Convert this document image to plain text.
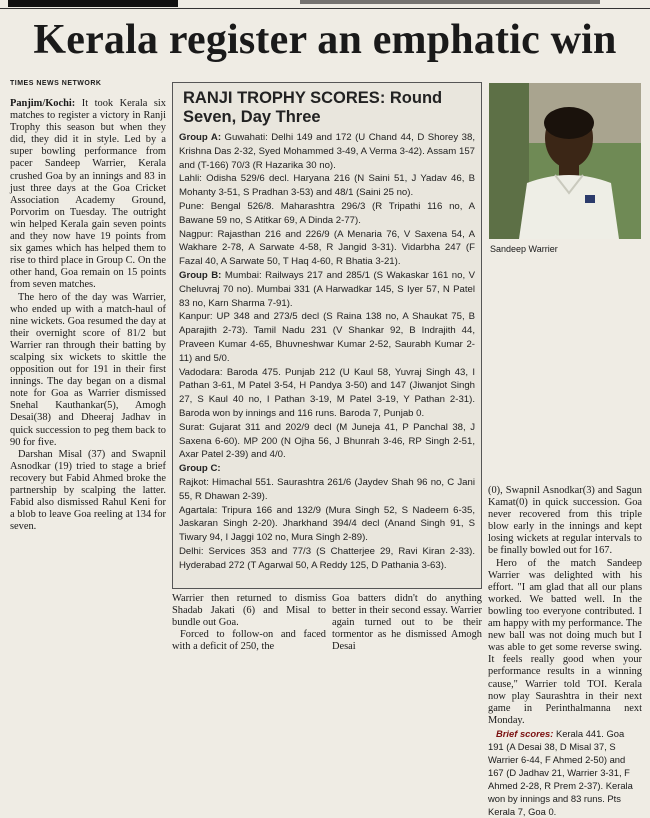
Kerala register an emphatic win
TIMES NEWS NETWORK

Panjim/Kochi: It took Kerala six matches to register a victory in Ranji Trophy this season but when they did, they did it in style. Led by a super bowling performance from pacer Sandeep Warrier, Kerala crushed Goa by an innings and 83 in just three days at the Goa Cricket Association Academy Ground, Porvorim on Tuesday. The outright win helped Kerala gain seven points and they now have 19 points from six games which has helped them to rise to third place in Group C. On the other hand, Goa remain on 15 points from seven matches.

The hero of the day was Warrier, who ended up with a match-haul of nine wickets. Goa resumed the day at their overnight score of 81/2 but Warrier ran through their batting by scalping six wickets to skittle the opposition out for 191 in their first innings. The day began on a dismal note for Goa as Warrier dismissed Snehal Kauthankar(5), Amogh Desai(38) and Dheeraj Jadhav in quick succession to peg them back to 90 for five.

Darshan Misal (37) and Swapnil Asnodkar (19) tried to stage a brief recovery but Fabid Ahmed broke the partnership by scalping the latter. Fabid also dismissed Rahul Keni for a blob to leave Goa reeling at 134 for seven.

RANJI TROPHY SCORES: Round Seven, Day Three

Group A: Guwahati: Delhi 149 and 172 (U Chand 44, D Shorey 38, Krishna Das 2-32, Syed Mohammed 3-49, A Verma 3-42). Assam 157 and (T-166) 70/3 (R Hazarika 30 no).

Lahli: Odisha 529/6 decl. Haryana 216 (N Saini 51, J Yadav 46, B Mohanty 3-51, S Pradhan 3-53) and 48/1 (Saini 25 no).

Pune: Bengal 526/8. Maharashtra 296/3 (R Tripathi 116 no, A Bawane 59 no, S Atitkar 69, A Dinda 2-77).

Nagpur: Rajasthan 216 and 226/9 (A Menaria 76, V Saxena 54, A Wakhare 2-78, A Sarwate 4-58, R Jangid 3-31). Vidarbha 247 (F Fazal 40, A Sarwate 50, T Haq 4-60, R Bhatia 3-21).

Group B: Mumbai: Railways 217 and 285/1 (S Wakaskar 161 no, V Cheluvraj 70 no). Mumbai 331 (A Harwadkar 145, S Iyer 57, N Patel 83 no, Karn Sharma 7-91).

Kanpur: UP 348 and 273/5 decl (S Raina 138 no, A Shaukat 75, B Aparajith 2-73). Tamil Nadu 231 (V Shankar 92, B Indrajith 44, Praveen Kumar 4-65, Bhuvneshwar Kumar 2-52, Saurabh Kumar 2-11) and 5/0.

Vadodara: Baroda 475. Punjab 212 (U Kaul 58, Yuvraj Singh 43, I Pathan 3-61, M Patel 3-54, H Pandya 3-50) and 147 (Jiwanjot Singh 27, S Kaul 40 no, I Pathan 3-19, M Patel 3-19, Y Pathan 2-31). Baroda won by innings and 116 runs. Baroda 7, Punjab 0.

Surat: Gujarat 311 and 202/9 decl (M Juneja 41, P Panchal 38, J Saxena 6-60). MP 200 (N Ojha 56, J Bhunrah 3-46, RP Singh 2-51, Axar Patel 2-39) and 4/0.

Group C:

Rajkot: Himachal 551. Saurashtra 261/6 (Jaydev Shah 96 no, C Jani 55, R Dhawan 2-39).

Agartala: Tripura 166 and 132/9 (Mura Singh 52, S Nadeem 6-35, Jaskaran Singh 2-20). Jharkhand 394/4 decl (Anand Singh 91, S Tiwary 94, I Jaggi 102 no, Mura Singh 2-89).

Delhi: Services 353 and 77/3 (S Chatterjee 29, Ravi Kiran 2-33). Hyderabad 272 (T Agarwal 50, A Reddy 125, D Pathania 3-63).

Sandeep Warrier

Warrier then returned to dismiss Shadab Jakati (6) and Misal to bundle out Goa.

Forced to follow-on and faced with a deficit of 250, the

Goa batters didn't do anything better in their second essay. Warrier again turned out to be their tormentor as he dismissed Amogh Desai

(0), Swapnil Asnodkar(3) and Sagun Kamat(0) in quick succession. Goa never recovered from this triple blow early in the innings and kept losing wickets at regular intervals to be finally bowled out for 167.

Hero of the match Sandeep Warrier was delighted with his effort. "I am glad that all our plans worked. We batted well. In the bowling too everyone contributed. I am happy with my performance. The new ball was not doing much but I was able to get some reverse swing. It feels really good when your performance results in a winning cause," Warrier told TOI. Kerala now play Saurashtra in their next game in Perinthalmanna next Monday.

Brief scores: Kerala 441. Goa 191 (A Desai 38, D Misal 37, S Warrier 6-44, F Ahmed 2-50) and 167 (D Jadhav 21, Warrier 3-31, F Ahmed 2-28, R Prem 2-37). Kerala won by innings and 83 runs. Pts Kerala 7, Goa 0.
